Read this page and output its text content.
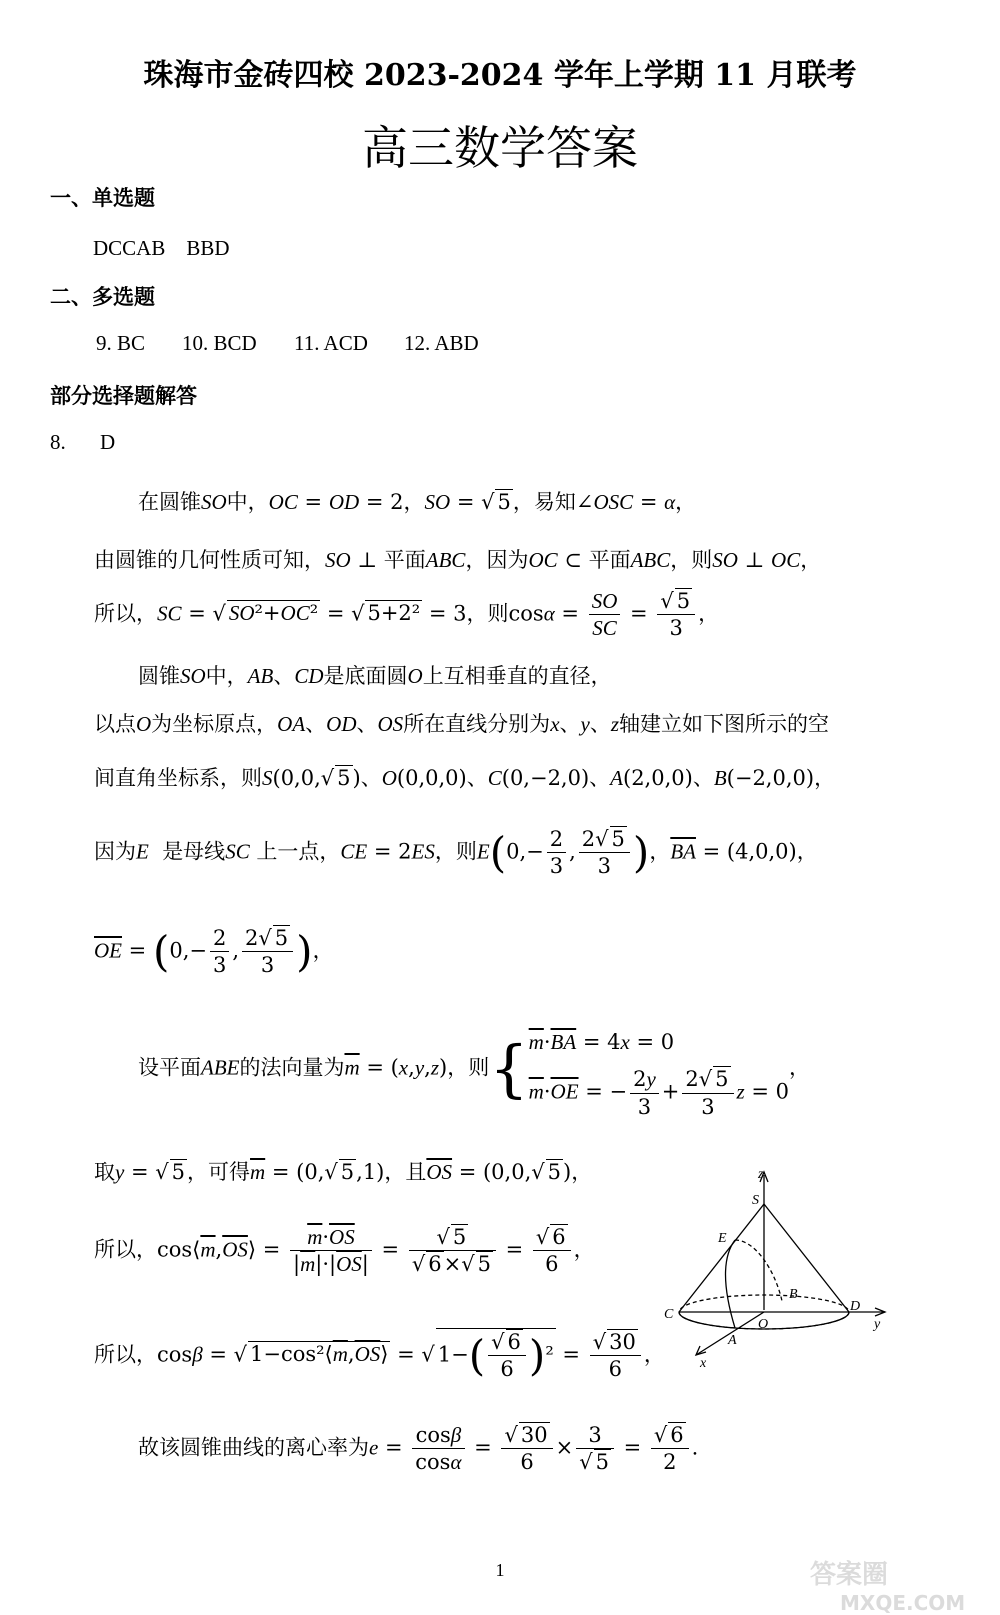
珠海市金砖四校 2023-2024 学年上学期 11 月联考
高三数学答案
一、单选题
DCCAB　BBD
二、多选题
9. BC 10. BCD 11. ACD 12. ABD
部分选择题解答
8. D
在圆锥SO中，OC = OD = 2，SO = √ 5，易知∠OSC = α，
由圆锥的几何性质可知，SO ⊥ 平面ABC，因为OC ⊂ 平面ABC，则SO ⊥ OC，
所以，SC = √ SO²+OC² = √ 5+2² = 3，则$\cos\alpha = \frac{SO}{SC} = \frac{√ 5}{3}$ ，
圆锥SO中，AB、CD是底面圆O上互相垂直的直径，
以点O为坐标原点，OA、OD、OS所在直线分别为x、y、z轴建立如下图所示的空
间直角坐标系，则S(0,0,√ 5)、O(0,0,0)、C(0,−2,0)、A(2,0,0)、B(−2,0,0)，
因为E 是母线SC 上一点，CE = 2ES，则$E(0,- \frac{2}{3}$ , $\frac{2√ 5}{3}$ )，$\overline{BA} = (4,0,0)$，
$\overline{OE} = (0,- \frac{2}{3}$ , $\frac{2√ 5}{3}$ )，
设平面ABE的法向量为$\overline{m} = (x,y,z)$，则{ $\overline{m}\cdot\overline{BA} = 4x = 0$
$\overline{m}\cdot\overline{OE}$ = − $\frac{2y}{3} + \frac{2√ 5}{3}$ z = 0
，
取y = √ 5，可得$\overline{m} = (0,√$ 5,1)，且$\overline{OS} = (0,0,√$ 5)，
所以，$\cos⟨\overline{m},\overline{OS}⟩ = \frac{\overline{m}\cdot\overline{OS}}{|\overline{m}|\cdot|\overline{OS}|} = \frac{√ 5}{√ 6\times√ 5} = \frac{√ 6}{6}$ ，
所以，cosβ = √ $1-\cos^2⟨\overline{m},\overline{OS}⟩$ = √ $1-( \frac{√ 6}{6} )^2 = \frac{√ 30}{6}$ ，
故该圆锥曲线的离心率为$e = \frac{\cos\beta}{\cos\alpha} = \frac{√ 30}{6} \times \frac{3}{√ 5} = \frac{√ 6}{2}$ .
z
S
E
B
C
O
D
y
A
x
1	答案圈
MXQE.COM
